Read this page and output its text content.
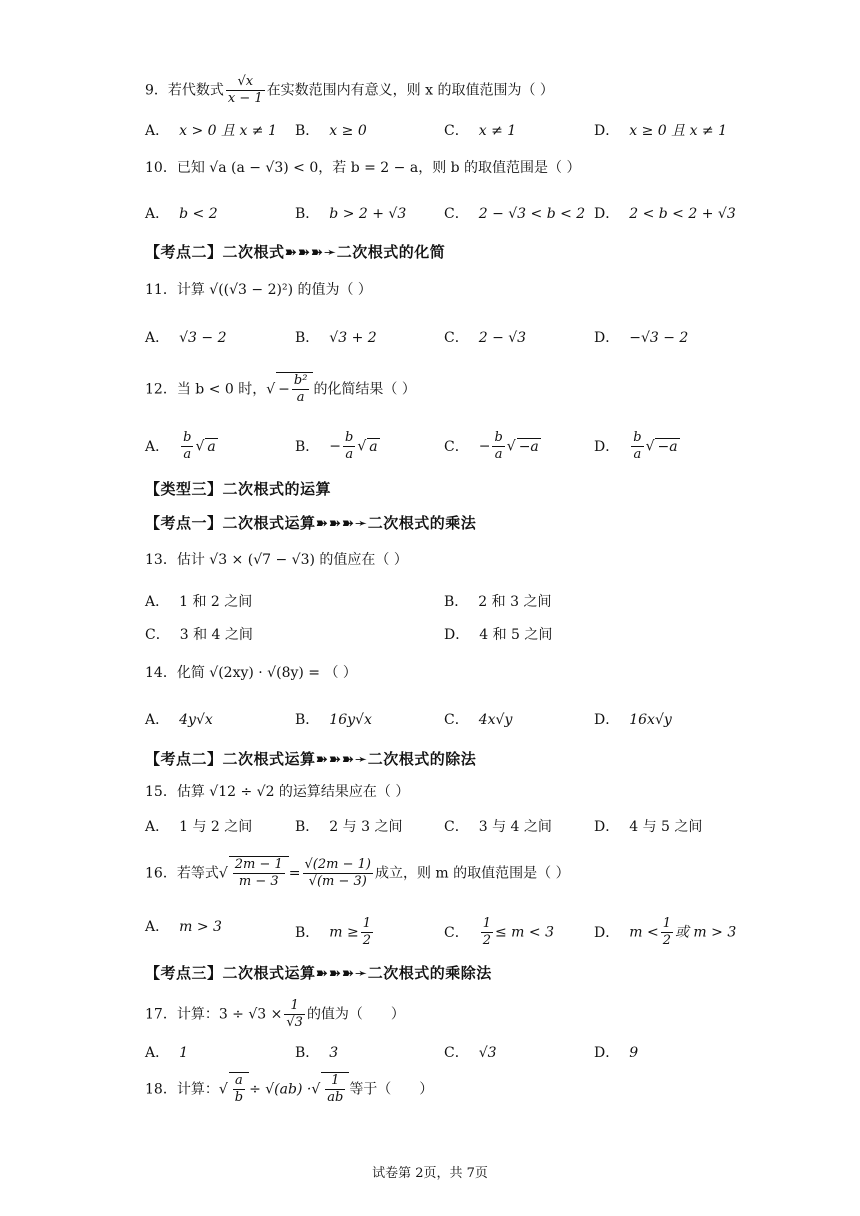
9．若代数式 $\frac{√x}{x - 1}$ 在实数范围内有意义，则 x 的取值范围为（ ）
A． x > 0 且 x ≠ 1 B． x ≥ 0	C． x ≠ 1	D． x ≥ 0 且 x ≠ 1
10．已知 √a (a − √3) < 0，若 b = 2 − a，则 b 的取值范围是（ ）
A． b < 2	B． b > 2 + √3	C． 2 − √3 < b < 2 D． 2 < b < 2 + √3
【考点二】二次根式➽➽➽➛二次根式的化简
11．计算 √((√3 − 2)²) 的值为（ ）
A． √3 − 2	B． √3 + 2	C． 2 − √3	D． −√3 − 2
12．当 b < 0 时，√ − $\frac{\text{b²}}{a}$ 的化简结果（ ）
A． $\frac{b}{a}$ √ a	B． − $\frac{b}{a}$ √ a	C． − $\frac{b}{a}$ √ −a	D． $\frac{b}{a}$ √ −a
【类型三】二次根式的运算
【考点一】二次根式运算➽➽➽➛二次根式的乘法
13．估计 √3 × (√7 − √3) 的值应在（ ）
A． 1 和 2 之间	B． 2 和 3 之间
C． 3 和 4 之间	D． 4 和 5 之间
14．化简 √(2xy) · √(8y) = （ ）
A． 4y√x	B． 16y√x	C． 4x√y	D． 16x√y
【考点二】二次根式运算➽➽➽➛二次根式的除法
15．估算 √12 ÷ √2 的运算结果应在（ ）
A． 1 与 2 之间	B． 2 与 3 之间	C． 3 与 4 之间	D． 4 与 5 之间
16．若等式√ $\frac{2m - 1}{m - 3} = \frac{√(2m - 1)}{√(m - 3)}$ 成立，则 m 的取值范围是（ ）
A． m > 3	B． $m \ge \frac{1}{2}$	C． $\frac{1}{2} \le m < 3$	D． $m < \frac{1}{2}$ 或 m > 3
【考点三】二次根式运算➽➽➽➛二次根式的乘除法
17．计算：$3 \div √3 \times \frac{1}{√3}$ 的值为（　　）
A． 1	B． 3	C． √3	D． 9
18．计算：√ $\frac{a}{b} \div √(ab)$ ·√ $\frac{1}{ab}$ 等于（　　）
试卷第 2页，共 7页
